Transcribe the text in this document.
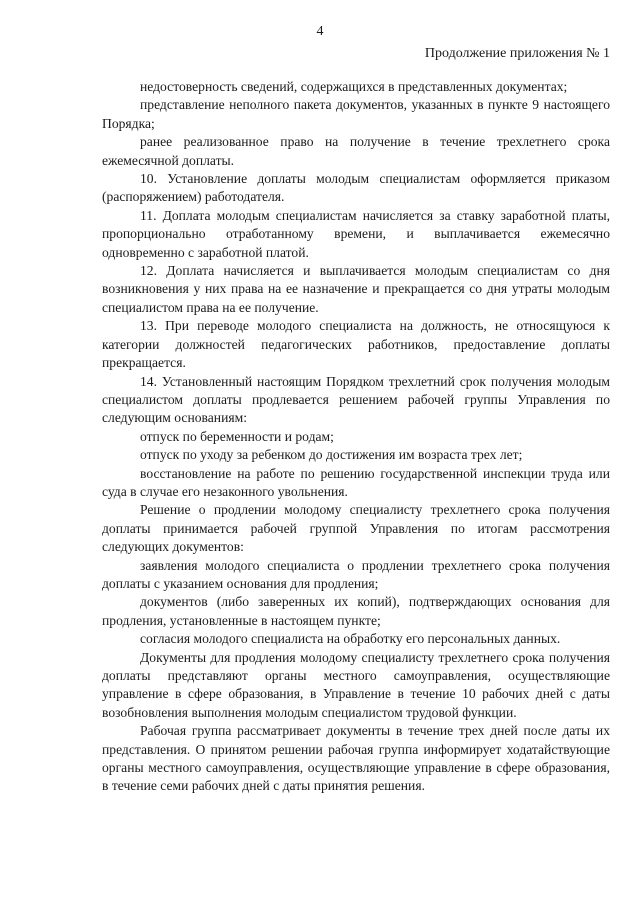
4
Продолжение приложения № 1

недостоверность сведений, содержащихся в представленных документах;

представление неполного пакета документов, указанных в пункте 9 настоящего Порядка;

ранее реализованное право на получение в течение трехлетнего срока ежемесячной доплаты.

10. Установление доплаты молодым специалистам оформляется приказом (распоряжением) работодателя.

11. Доплата молодым специалистам начисляется за ставку заработной платы, пропорционально отработанному времени, и выплачивается ежемесячно одновременно с заработной платой.

12. Доплата начисляется и выплачивается молодым специалистам со дня возникновения у них права на ее назначение и прекращается со дня утраты молодым специалистом права на ее получение.

13. При переводе молодого специалиста на должность, не относящуюся к категории должностей педагогических работников, предоставление доплаты прекращается.

14. Установленный настоящим Порядком трехлетний срок получения молодым специалистом доплаты продлевается решением рабочей группы Управления по следующим основаниям:

отпуск по беременности и родам;

отпуск по уходу за ребенком до достижения им возраста трех лет;

восстановление на работе по решению государственной инспекции труда или суда в случае его незаконного увольнения.

Решение о продлении молодому специалисту трехлетнего срока получения доплаты принимается рабочей группой Управления по итогам рассмотрения следующих документов:

заявления молодого специалиста о продлении трехлетнего срока получения доплаты с указанием основания для продления;

документов (либо заверенных их копий), подтверждающих основания для продления, установленные в настоящем пункте;

согласия молодого специалиста на обработку его персональных данных.

Документы для продления молодому специалисту трехлетнего срока получения доплаты представляют органы местного самоуправления, осуществляющие управление в сфере образования, в Управление в течение 10 рабочих дней с даты возобновления выполнения молодым специалистом трудовой функции.

Рабочая группа рассматривает документы в течение трех дней после даты их представления. О принятом решении рабочая группа информирует ходатайствующие органы местного самоуправления, осуществляющие управление в сфере образования, в течение семи рабочих дней с даты принятия решения.
